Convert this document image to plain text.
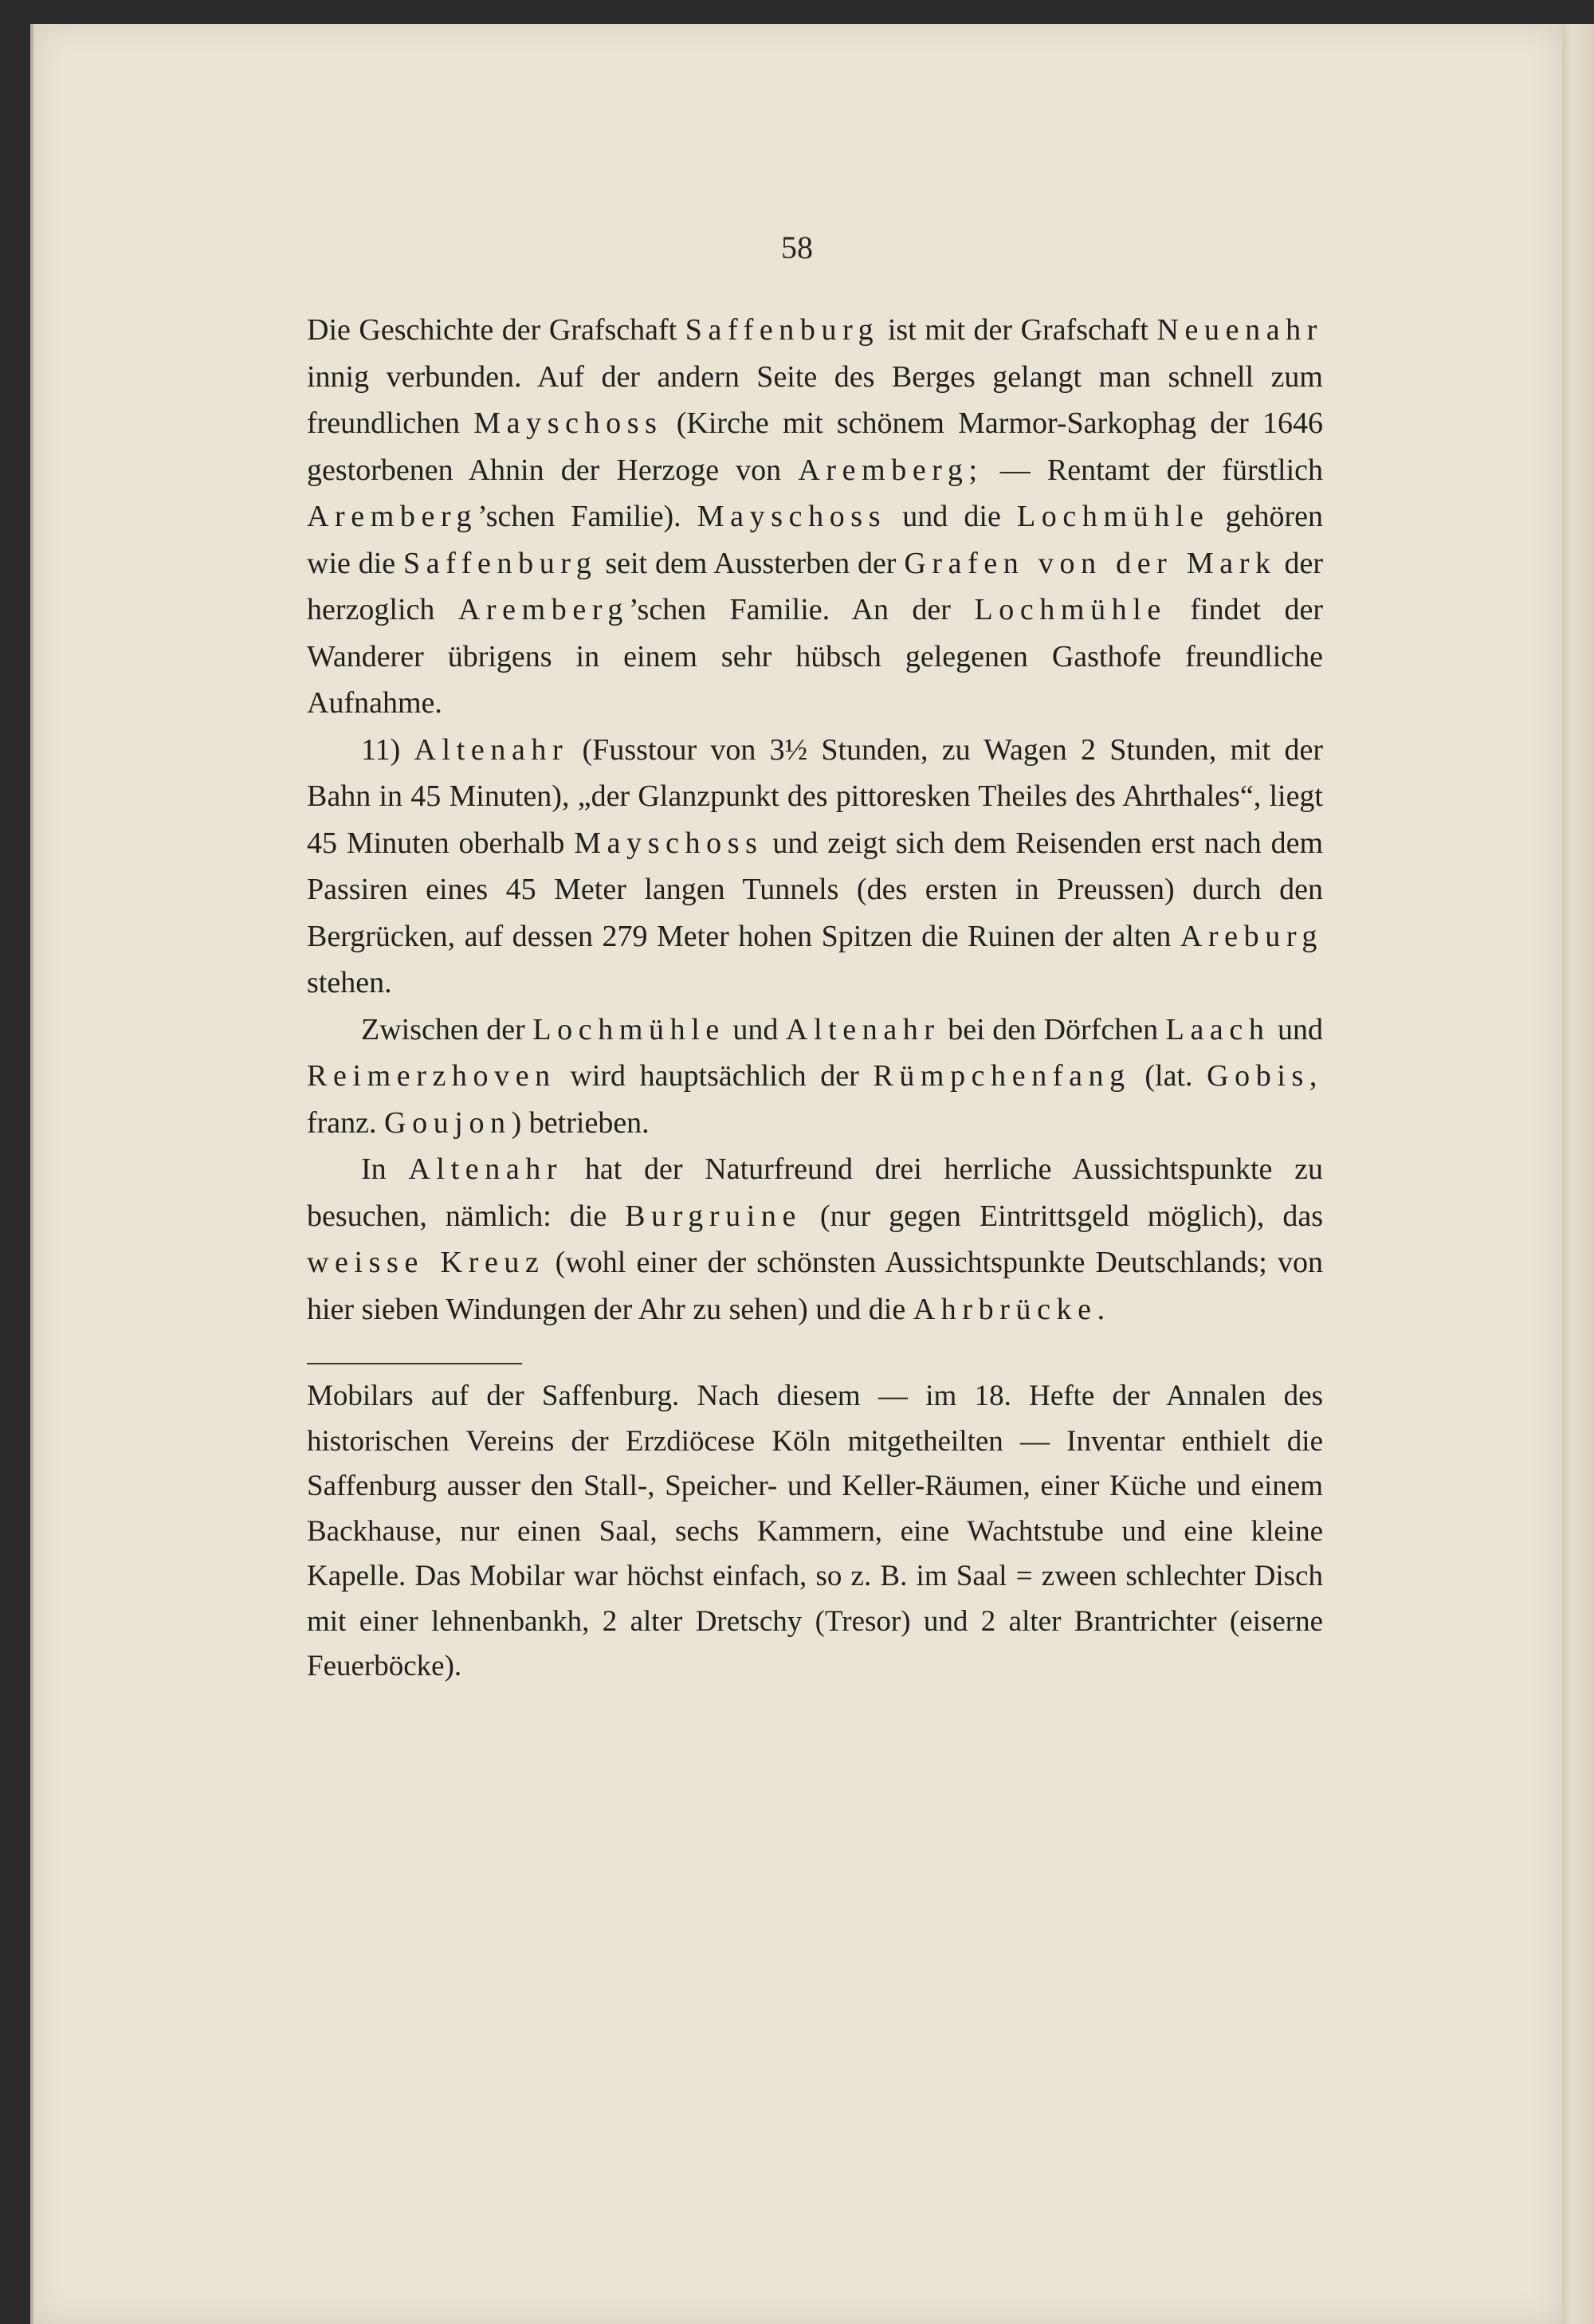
58

Die Geschichte der Grafschaft Saffenburg ist mit der Grafschaft Neuenahr innig verbunden. Auf der andern Seite des Berges gelangt man schnell zum freundlichen Mayschoss (Kirche mit schönem Marmor-Sarkophag der 1646 gestorbenen Ahnin der Herzoge von Aremberg; — Rentamt der fürstlich Aremberg’schen Familie). Mayschoss und die Lochmühle gehören wie die Saffenburg seit dem Aussterben der Grafen von der Mark der herzoglich Aremberg’schen Familie. An der Lochmühle findet der Wanderer übrigens in einem sehr hübsch gelegenen Gasthofe freundliche Aufnahme.

11) Altenahr (Fusstour von 3½ Stunden, zu Wagen 2 Stunden, mit der Bahn in 45 Minuten), „der Glanzpunkt des pittoresken Theiles des Ahrthales“, liegt 45 Minuten oberhalb Mayschoss und zeigt sich dem Reisenden erst nach dem Passiren eines 45 Meter langen Tunnels (des ersten in Preussen) durch den Bergrücken, auf dessen 279 Meter hohen Spitzen die Ruinen der alten Areburg stehen.

Zwischen der Lochmühle und Altenahr bei den Dörfchen Laach und Reimerzhoven wird hauptsächlich der Rümpchenfang (lat. Gobis, franz. Goujon) betrieben.

In Altenahr hat der Naturfreund drei herrliche Aussichtspunkte zu besuchen, nämlich: die Burgruine (nur gegen Eintrittsgeld möglich), das weisse Kreuz (wohl einer der schönsten Aussichtspunkte Deutschlands; von hier sieben Windungen der Ahr zu sehen) und die Ahrbrücke.

Mobilars auf der Saffenburg. Nach diesem — im 18. Hefte der Annalen des historischen Vereins der Erzdiöcese Köln mitgetheilten — Inventar enthielt die Saffenburg ausser den Stall-, Speicher- und Keller-Räumen, einer Küche und einem Backhause, nur einen Saal, sechs Kammern, eine Wachtstube und eine kleine Kapelle. Das Mobilar war höchst einfach, so z. B. im Saal = zween schlechter Disch mit einer lehnenbankh, 2 alter Dretschy (Tresor) und 2 alter Brantrichter (eiserne Feuerböcke).
